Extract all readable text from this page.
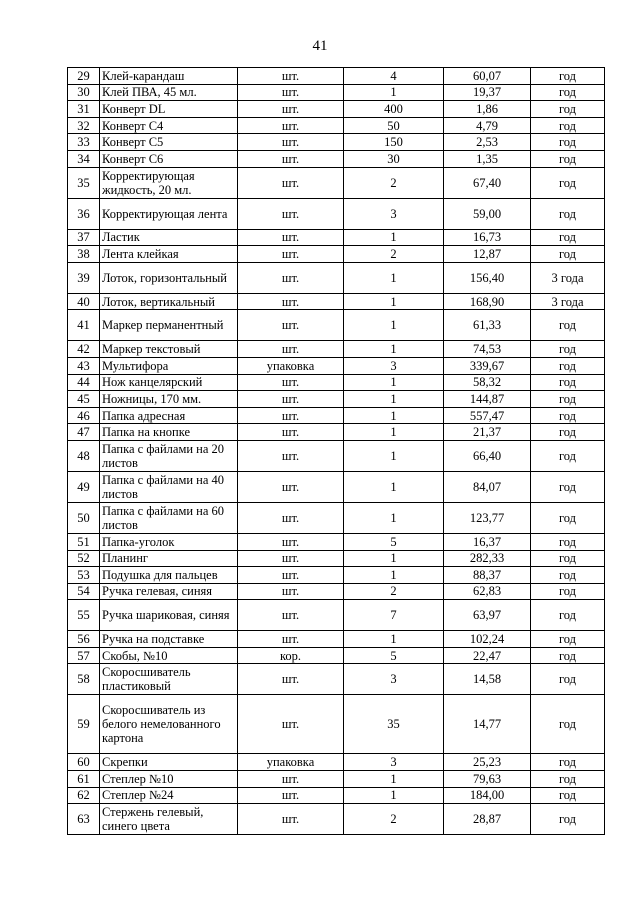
41
29	Клей-карандаш	шт.	4	60,07	год
30	Клей ПВА, 45 мл.	шт.	1	19,37	год
31	Конверт DL	шт.	400	1,86	год
32	Конверт С4	шт.	50	4,79	год
33	Конверт С5	шт.	150	2,53	год
34	Конверт С6	шт.	30	1,35	год
35	Корректирующая жидкость, 20 мл.	шт.	2	67,40	год
36	Корректирующая лента	шт.	3	59,00	год
37	Ластик	шт.	1	16,73	год
38	Лента клейкая	шт.	2	12,87	год
39	Лоток, горизонтальный	шт.	1	156,40	3 года
40	Лоток, вертикальный	шт.	1	168,90	3 года
41	Маркер перманентный	шт.	1	61,33	год
42	Маркер текстовый	шт.	1	74,53	год
43	Мультифора	упаковка	3	339,67	год
44	Нож канцелярский	шт.	1	58,32	год
45	Ножницы, 170 мм.	шт.	1	144,87	год
46	Папка адресная	шт.	1	557,47	год
47	Папка на кнопке	шт.	1	21,37	год
48	Папка с файлами на 20 листов	шт.	1	66,40	год
49	Папка с файлами на 40 листов	шт.	1	84,07	год
50	Папка с файлами на 60 листов	шт.	1	123,77	год
51	Папка-уголок	шт.	5	16,37	год
52	Планинг	шт.	1	282,33	год
53	Подушка для пальцев	шт.	1	88,37	год
54	Ручка гелевая, синяя	шт.	2	62,83	год
55	Ручка шариковая, синяя	шт.	7	63,97	год
56	Ручка на подставке	шт.	1	102,24	год
57	Скобы, №10	кор.	5	22,47	год
58	Скоросшиватель пластиковый	шт.	3	14,58	год
59	Скоросшиватель из белого немелованного картона	шт.	35	14,77	год
60	Скрепки	упаковка	3	25,23	год
61	Степлер №10	шт.	1	79,63	год
62	Степлер №24	шт.	1	184,00	год
63	Стержень гелевый, синего цвета	шт.	2	28,87	год
